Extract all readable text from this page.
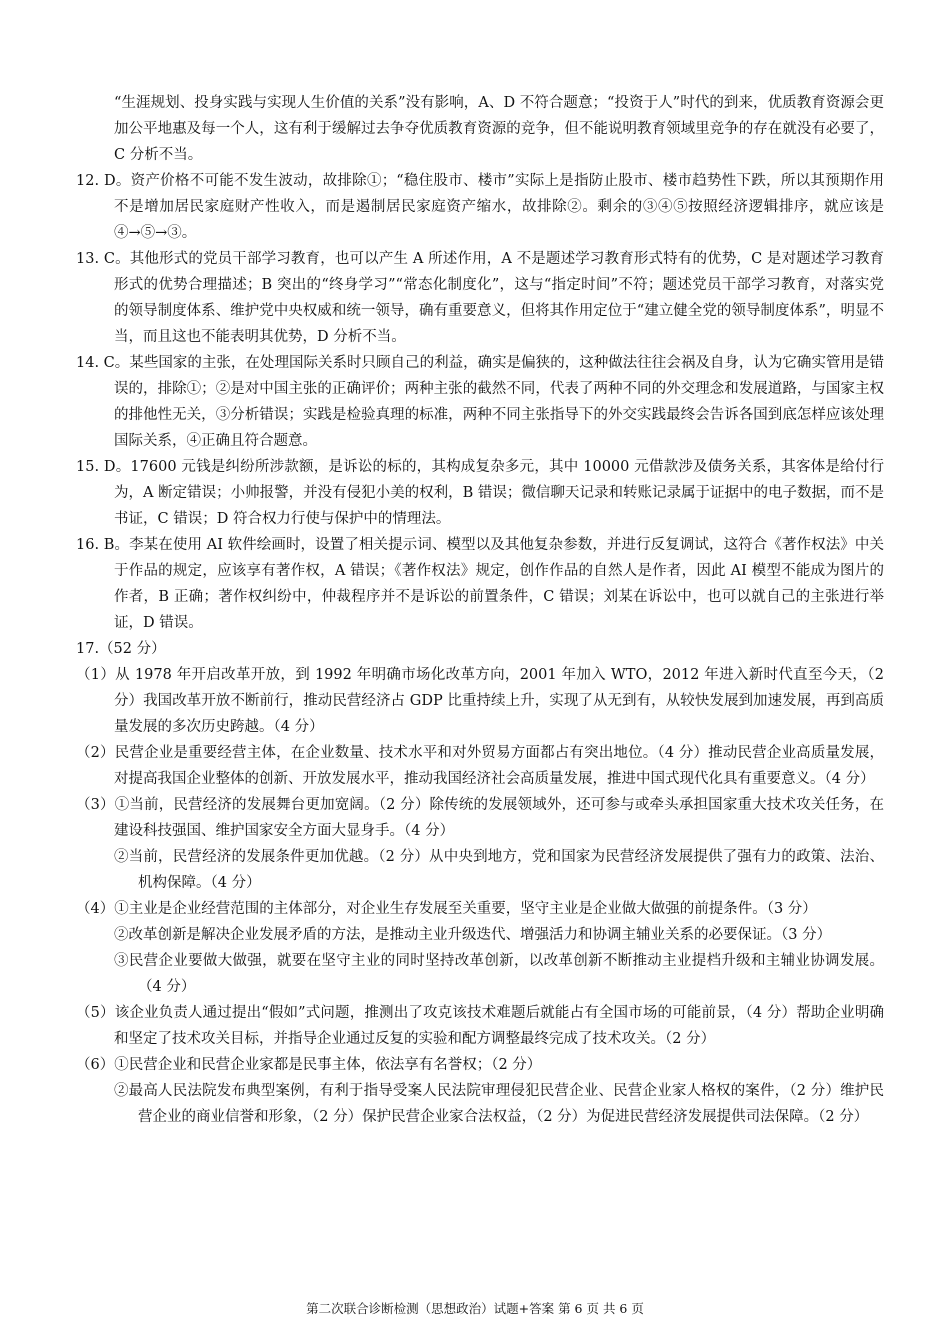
“生涯规划、投身实践与实现人生价值的关系”没有影响，A、D 不符合题意；“投资于人”时代的到来，优质教育资源会更加公平地惠及每一个人，这有利于缓解过去争夺优质教育资源的竞争，但不能说明教育领域里竞争的存在就没有必要了，C 分析不当。

12. D。资产价格不可能不发生波动，故排除①；“稳住股市、楼市”实际上是指防止股市、楼市趋势性下跌，所以其预期作用不是增加居民家庭财产性收入，而是遏制居民家庭资产缩水，故排除②。剩余的③④⑤按照经济逻辑排序，就应该是④→⑤→③。

13. C。其他形式的党员干部学习教育，也可以产生 A 所述作用，A 不是题述学习教育形式特有的优势，C 是对题述学习教育形式的优势合理描述；B 突出的“终身学习”“常态化制度化”，这与“指定时间”不符；题述党员干部学习教育，对落实党的领导制度体系、维护党中央权威和统一领导，确有重要意义，但将其作用定位于“建立健全党的领导制度体系”，明显不当，而且这也不能表明其优势，D 分析不当。

14. C。某些国家的主张，在处理国际关系时只顾自己的利益，确实是偏狭的，这种做法往往会祸及自身，认为它确实管用是错误的，排除①；②是对中国主张的正确评价；两种主张的截然不同，代表了两种不同的外交理念和发展道路，与国家主权的排他性无关，③分析错误；实践是检验真理的标准，两种不同主张指导下的外交实践最终会告诉各国到底怎样应该处理国际关系，④正确且符合题意。

15. D。17600 元钱是纠纷所涉款额，是诉讼的标的，其构成复杂多元，其中 10000 元借款涉及债务关系，其客体是给付行为，A 断定错误；小帅报警，并没有侵犯小美的权利，B 错误；微信聊天记录和转账记录属于证据中的电子数据，而不是书证，C 错误；D 符合权力行使与保护中的情理法。

16. B。李某在使用 AI 软件绘画时，设置了相关提示词、模型以及其他复杂参数，并进行反复调试，这符合《著作权法》中关于作品的规定，应该享有著作权，A 错误；《著作权法》规定，创作作品的自然人是作者，因此 AI 模型不能成为图片的作者，B 正确；著作权纠纷中，仲裁程序并不是诉讼的前置条件，C 错误；刘某在诉讼中，也可以就自己的主张进行举证，D 错误。

17.（52 分）

（1）从 1978 年开启改革开放，到 1992 年明确市场化改革方向，2001 年加入 WTO，2012 年进入新时代直至今天，（2 分）我国改革开放不断前行，推动民营经济占 GDP 比重持续上升，实现了从无到有，从较快发展到加速发展，再到高质量发展的多次历史跨越。（4 分）

（2）民营企业是重要经营主体，在企业数量、技术水平和对外贸易方面都占有突出地位。（4 分）推动民营企业高质量发展，对提高我国企业整体的创新、开放发展水平，推动我国经济社会高质量发展，推进中国式现代化具有重要意义。（4 分）

（3）①当前，民营经济的发展舞台更加宽阔。（2 分）除传统的发展领域外，还可参与或牵头承担国家重大技术攻关任务，在建设科技强国、维护国家安全方面大显身手。（4 分）

②当前，民营经济的发展条件更加优越。（2 分）从中央到地方，党和国家为民营经济发展提供了强有力的政策、法治、机构保障。（4 分）

（4）①主业是企业经营范围的主体部分，对企业生存发展至关重要，坚守主业是企业做大做强的前提条件。（3 分）

②改革创新是解决企业发展矛盾的方法，是推动主业升级迭代、增强活力和协调主辅业关系的必要保证。（3 分）

③民营企业要做大做强，就要在坚守主业的同时坚持改革创新，以改革创新不断推动主业提档升级和主辅业协调发展。（4 分）

（5）该企业负责人通过提出“假如”式问题，推测出了攻克该技术难题后就能占有全国市场的可能前景，（4 分）帮助企业明确和坚定了技术攻关目标，并指导企业通过反复的实验和配方调整最终完成了技术攻关。（2 分）

（6）①民营企业和民营企业家都是民事主体，依法享有名誉权；（2 分）

②最高人民法院发布典型案例，有利于指导受案人民法院审理侵犯民营企业、民营企业家人格权的案件，（2 分）维护民营企业的商业信誉和形象，（2 分）保护民营企业家合法权益，（2 分）为促进民营经济发展提供司法保障。（2 分）

第二次联合诊断检测（思想政治）试题+答案 第 6 页 共 6 页
